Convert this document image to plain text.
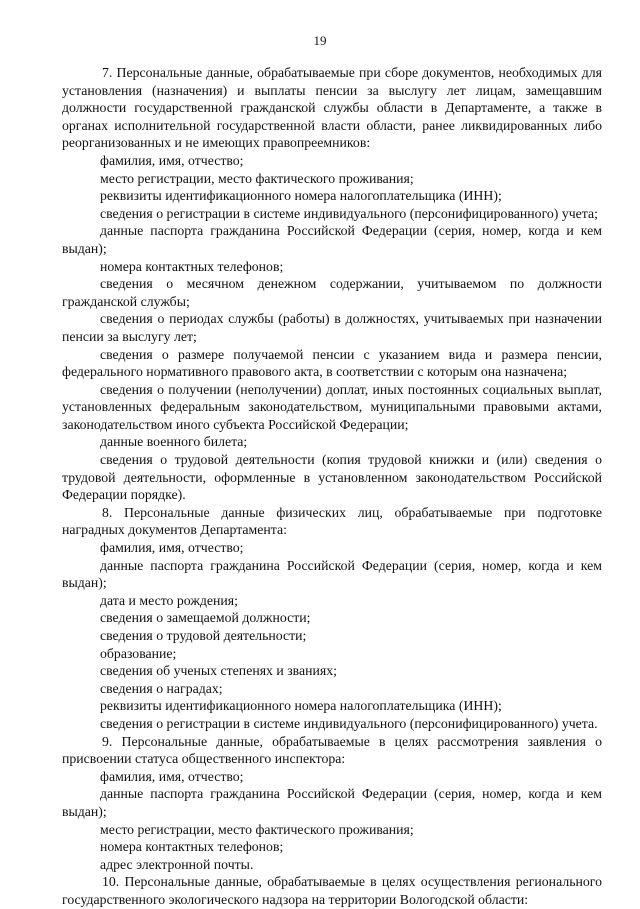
19

7. Персональные данные, обрабатываемые при сборе документов, необходимых для установления (назначения) и выплаты пенсии за выслугу лет лицам, замещавшим должности государственной гражданской службы области в Департаменте, а также в органах исполнительной государственной власти области, ранее ликвидированных либо реорганизованных и не имеющих правопреемников:

фамилия, имя, отчество;

место регистрации, место фактического проживания;

реквизиты идентификационного номера налогоплательщика (ИНН);

сведения о регистрации в системе индивидуального (персонифицированного) учета;

данные паспорта гражданина Российской Федерации (серия, номер, когда и кем выдан);

номера контактных телефонов;

сведения о месячном денежном содержании, учитываемом по должности гражданской службы;

сведения о периодах службы (работы) в должностях, учитываемых при назначении пенсии за выслугу лет;

сведения о размере получаемой пенсии с указанием вида и размера пенсии, федерального нормативного правового акта, в соответствии с которым она назначена;

сведения о получении (неполучении) доплат, иных постоянных социальных выплат, установленных федеральным законодательством, муниципальными правовыми актами, законодательством иного субъекта Российской Федерации;

данные военного билета;

сведения о трудовой деятельности (копия трудовой книжки и (или) сведения о трудовой деятельности, оформленные в установленном законодательством Российской Федерации порядке).

8. Персональные данные физических лиц, обрабатываемые при подготовке наградных документов Департамента:

фамилия, имя, отчество;

данные паспорта гражданина Российской Федерации (серия, номер, когда и кем выдан);

дата и место рождения;

сведения о замещаемой должности;

сведения о трудовой деятельности;

образование;

сведения об ученых степенях и званиях;

сведения о наградах;

реквизиты идентификационного номера налогоплательщика (ИНН);

сведения о регистрации в системе индивидуального (персонифицированного) учета.

9. Персональные данные, обрабатываемые в целях рассмотрения заявления о присвоении статуса общественного инспектора:

фамилия, имя, отчество;

данные паспорта гражданина Российской Федерации (серия, номер, когда и кем выдан);

место регистрации, место фактического проживания;

номера контактных телефонов;

адрес электронной почты.

10. Персональные данные, обрабатываемые в целях осуществления регионального государственного экологического надзора на территории Вологодской области:
